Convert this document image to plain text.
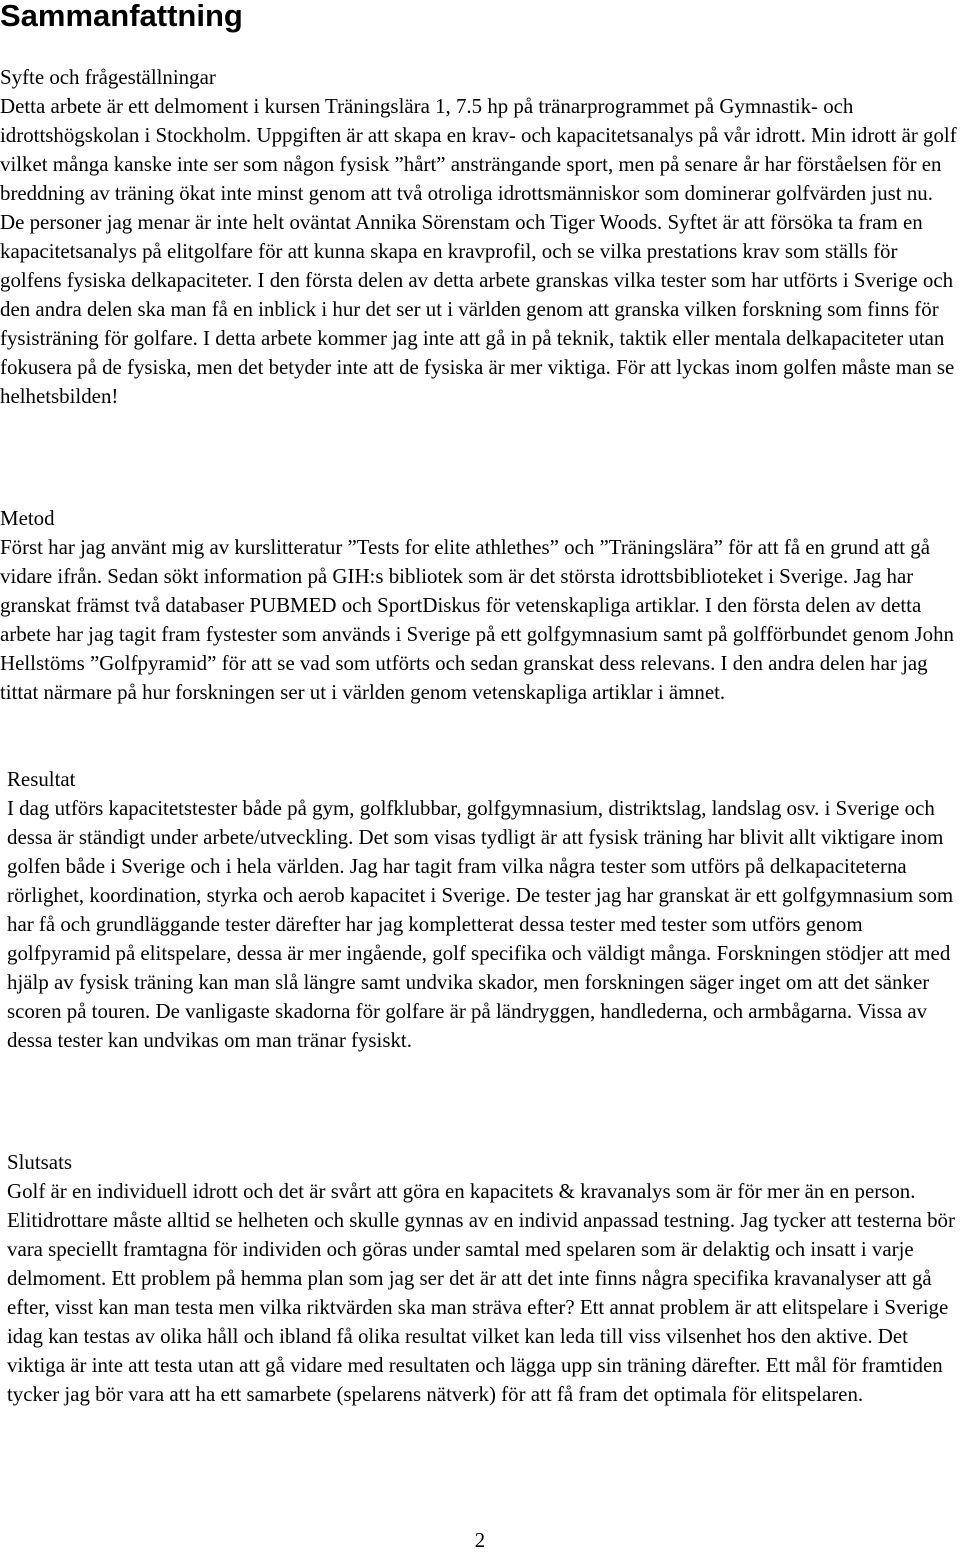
Sammanfattning
Syfte och frågeställningar

Detta arbete är ett delmoment i kursen Träningslära 1, 7.5 hp på tränarprogrammet på Gymnastik- och idrottshögskolan i Stockholm. Uppgiften är att skapa en krav- och kapacitetsanalys på vår idrott. Min idrott är golf vilket många kanske inte ser som någon fysisk ”hårt” ansträngande sport, men på senare år har förståelsen för en breddning av träning ökat inte minst genom att två otroliga idrottsmänniskor som dominerar golfvärden just nu. De personer jag menar är inte helt oväntat Annika Sörenstam och Tiger Woods. Syftet är att försöka ta fram en kapacitetsanalys på elitgolfare för att kunna skapa en kravprofil, och se vilka prestations krav som ställs för golfens fysiska delkapaciteter. I den första delen av detta arbete granskas vilka tester som har utförts i Sverige och den andra delen ska man få en inblick i hur det ser ut i världen genom att granska vilken forskning som finns för fysisträning för golfare. I detta arbete kommer jag inte att gå in på teknik, taktik eller mentala delkapaciteter utan fokusera på de fysiska, men det betyder inte att de fysiska är mer viktiga. För att lyckas inom golfen måste man se helhetsbilden!

Metod

Först har jag använt mig av kurslitteratur ”Tests for elite athlethes” och ”Träningslära” för att få en grund att gå vidare ifrån. Sedan sökt information på GIH:s bibliotek som är det största idrottsbiblioteket i Sverige. Jag har granskat främst två databaser PUBMED och SportDiskus för vetenskapliga artiklar. I den första delen av detta arbete har jag tagit fram fystester som används i Sverige på ett golfgymnasium samt på golfförbundet genom John Hellstöms ”Golfpyramid” för att se vad som utförts och sedan granskat dess relevans. I den andra delen har jag tittat närmare på hur forskningen ser ut i världen genom vetenskapliga artiklar i ämnet.

Resultat

I dag utförs kapacitetstester både på gym, golfklubbar, golfgymnasium, distriktslag, landslag osv. i Sverige och dessa är ständigt under arbete/utveckling. Det som visas tydligt är att fysisk träning har blivit allt viktigare inom golfen både i Sverige och i hela världen. Jag har tagit fram vilka några tester som utförs på delkapaciteterna rörlighet, koordination, styrka och aerob kapacitet i Sverige. De tester jag har granskat är ett golfgymnasium som har få och grundläggande tester därefter har jag kompletterat dessa tester med tester som utförs genom golfpyramid på elitspelare, dessa är mer ingående, golf specifika och väldigt många. Forskningen stödjer att med hjälp av fysisk träning kan man slå längre samt undvika skador, men forskningen säger inget om att det sänker scoren på touren. De vanligaste skadorna för golfare är på ländryggen, handlederna, och armbågarna. Vissa av dessa tester kan undvikas om man tränar fysiskt.

Slutsats

Golf är en individuell idrott och det är svårt att göra en kapacitets & kravanalys som är för mer än en person. Elitidrottare måste alltid se helheten och skulle gynnas av en individ anpassad testning. Jag tycker att testerna bör vara speciellt framtagna för individen och göras under samtal med spelaren som är delaktig och insatt i varje delmoment. Ett problem på hemma plan som jag ser det är att det inte finns några specifika kravanalyser att gå efter, visst kan man testa men vilka riktvärden ska man sträva efter? Ett annat problem är att elitspelare i Sverige idag kan testas av olika håll och ibland få olika resultat vilket kan leda till viss vilsenhet hos den aktive. Det viktiga är inte att testa utan att gå vidare med resultaten och lägga upp sin träning därefter. Ett mål för framtiden tycker jag bör vara att ha ett samarbete (spelarens nätverk) för att få fram det optimala för elitspelaren.

2
